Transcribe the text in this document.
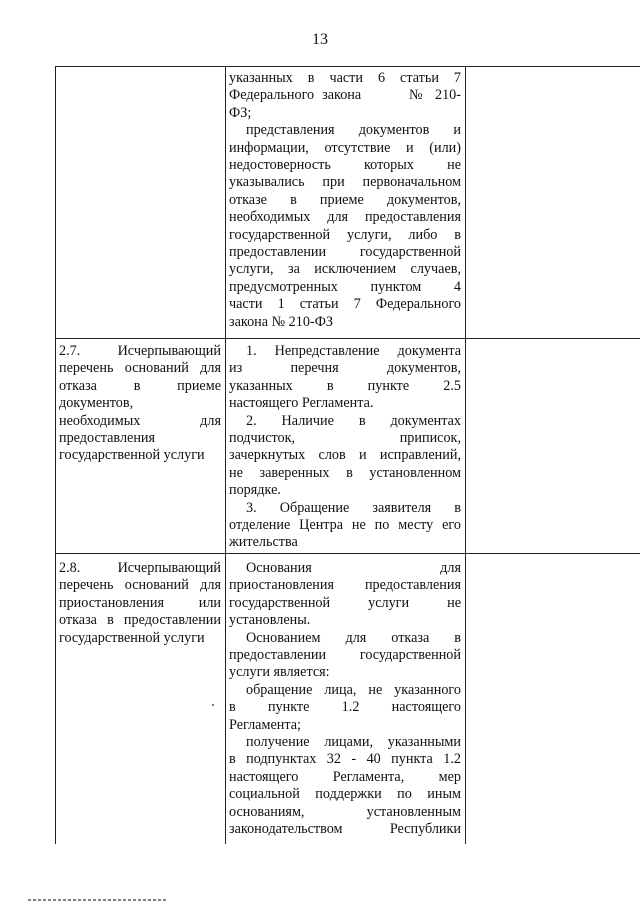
13

указанных в части 6 статьи 7
Федерального закона      № 210-
ФЗ;

представления документов и
информации, отсутствие и (или)
недостоверность которых не
указывались при первоначальном
отказе в приеме документов,
необходимых для предоставления
государственной услуги, либо в
предоставлении государственной
услуги, за исключением случаев,
предусмотренных пунктом 4
части 1 статьи 7 Федерального
закона № 210-ФЗ

2.7.    Исчерпывающий
перечень оснований для
отказа в приеме
документов,
необходимых для
предоставления
государственной услуги

1. Непредставление документа
из перечня документов,
указанных в пункте 2.5
настоящего Регламента.

2. Наличие в документах
подчисток, приписок,
зачеркнутых слов и исправлений,
не заверенных в установленном
порядке.

3. Обращение заявителя в
отделение Центра не по месту его
жительства

2.8.    Исчерпывающий
перечень оснований для
приостановления или
отказа в предоставлении
государственной услуги

Основания для
приостановления предоставления
государственной услуги не
установлены.

Основанием для отказа в
предоставлении государственной
услуги является:

обращение лица, не указанного
в пункте 1.2 настоящего
Регламента;

получение лицами, указанными
в подпунктах 32 - 40 пункта 1.2
настоящего Регламента, мер
социальной поддержки по иным
основаниям, установленным
законодательством Республики
